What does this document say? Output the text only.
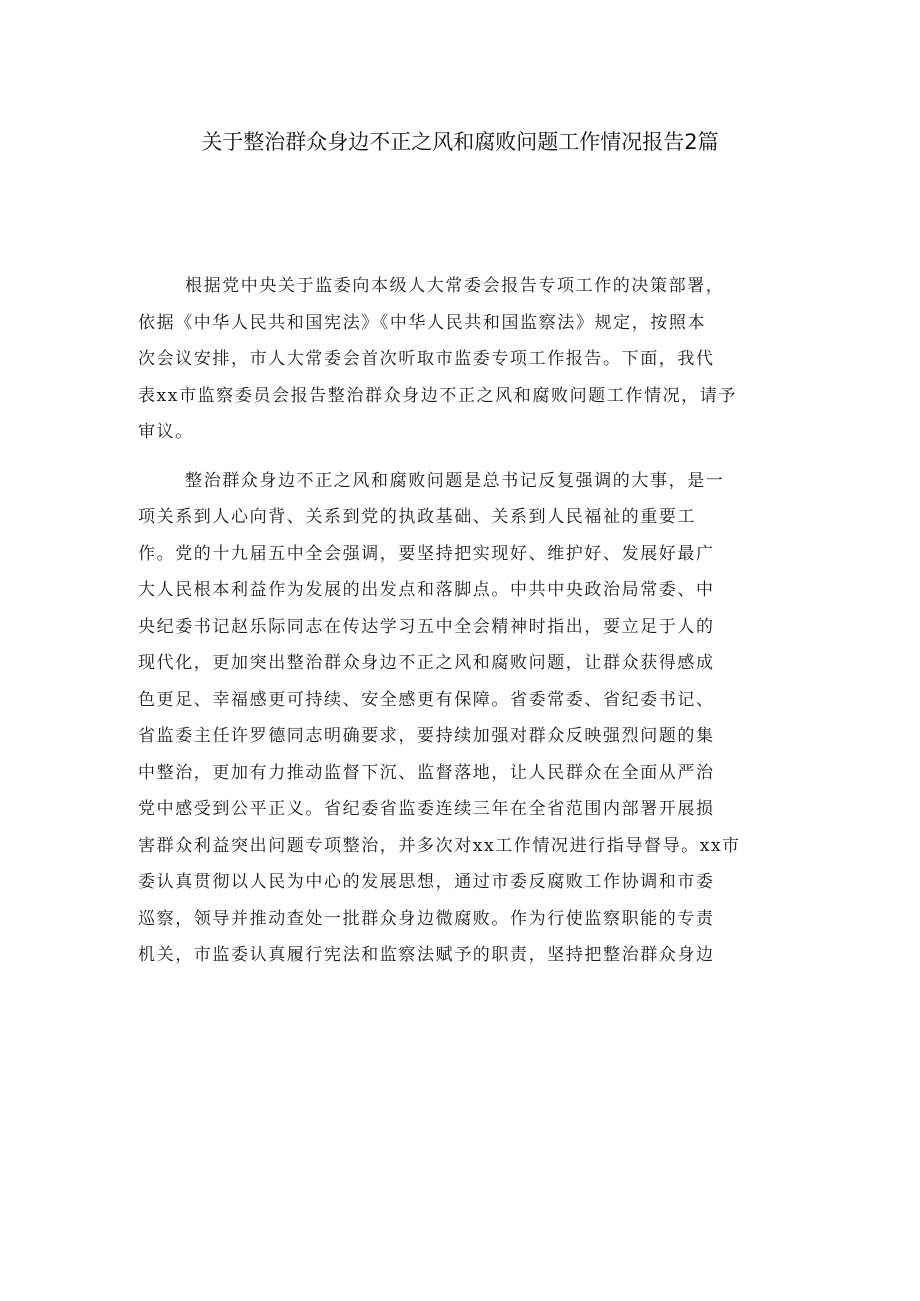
关于整治群众身边不正之风和腐败问题工作情况报告2篇
根据党中央关于监委向本级人大常委会报告专项工作的决策部署，
依据《中华人民共和国宪法》《中华人民共和国监察法》规定，按照本
次会议安排，市人大常委会首次听取市监委专项工作报告。下面，我代
表xx市监察委员会报告整治群众身边不正之风和腐败问题工作情况，请予
审议。
整治群众身边不正之风和腐败问题是总书记反复强调的大事，是一
项关系到人心向背、关系到党的执政基础、关系到人民福祉的重要工
作。党的十九届五中全会强调，要坚持把实现好、维护好、发展好最广
大人民根本利益作为发展的出发点和落脚点。中共中央政治局常委、中
央纪委书记赵乐际同志在传达学习五中全会精神时指出，要立足于人的
现代化，更加突出整治群众身边不正之风和腐败问题，让群众获得感成
色更足、幸福感更可持续、安全感更有保障。省委常委、省纪委书记、
省监委主任许罗德同志明确要求，要持续加强对群众反映强烈问题的集
中整治，更加有力推动监督下沉、监督落地，让人民群众在全面从严治
党中感受到公平正义。省纪委省监委连续三年在全省范围内部署开展损
害群众利益突出问题专项整治，并多次对xx工作情况进行指导督导。xx市
委认真贯彻以人民为中心的发展思想，通过市委反腐败工作协调和市委
巡察，领导并推动查处一批群众身边微腐败。作为行使监察职能的专责
机关，市监委认真履行宪法和监察法赋予的职责，坚持把整治群众身边
